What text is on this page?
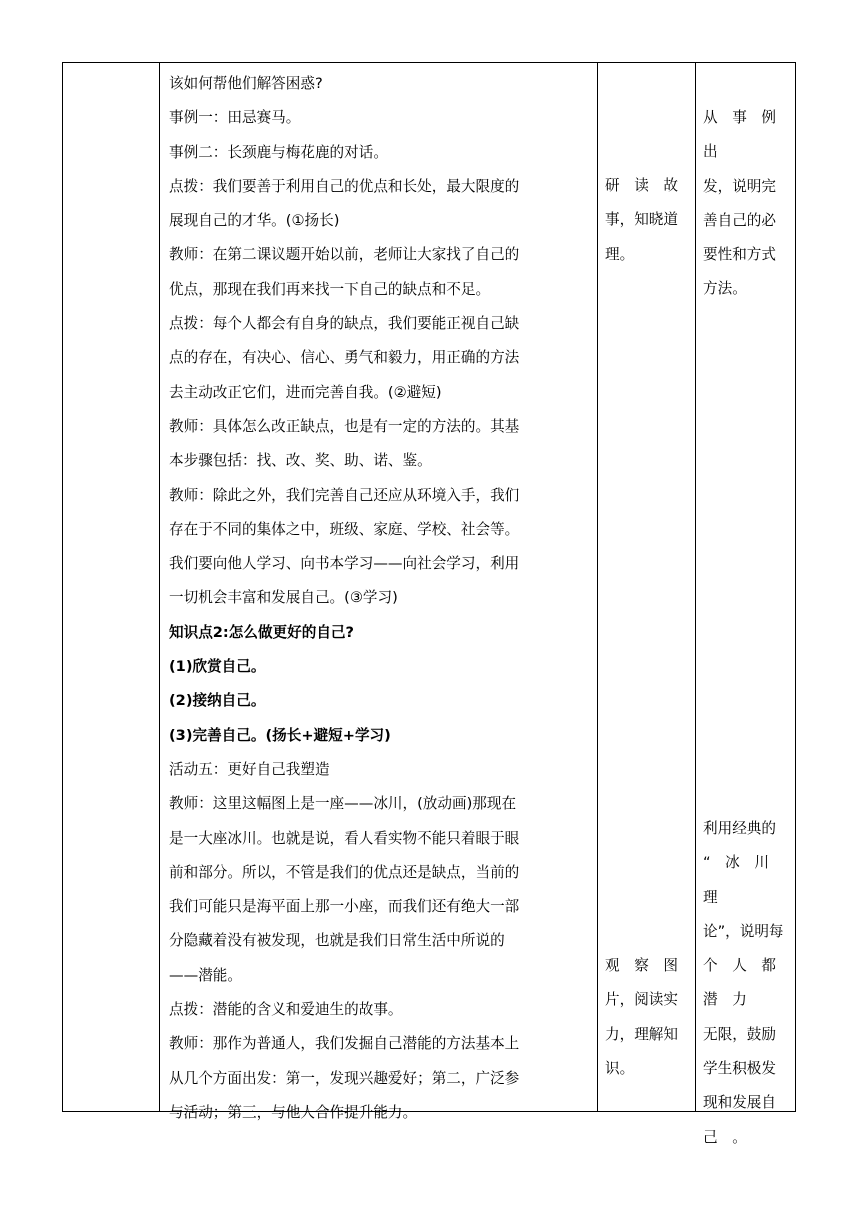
该如何帮他们解答困惑?

事例一：田忌赛马。

事例二：长颈鹿与梅花鹿的对话。

点拨：我们要善于利用自己的优点和长处，最大限度的

展现自己的才华。(①扬长)

教师：在第二课议题开始以前，老师让大家找了自己的

优点，那现在我们再来找一下自己的缺点和不足。

点拨：每个人都会有自身的缺点，我们要能正视自己缺

点的存在，有决心、信心、勇气和毅力，用正确的方法

去主动改正它们，进而完善自我。(②避短)

教师：具体怎么改正缺点，也是有一定的方法的。其基

本步骤包括：找、改、奖、助、诺、鉴。

教师：除此之外，我们完善自己还应从环境入手，我们

存在于不同的集体之中，班级、家庭、学校、社会等。

我们要向他人学习、向书本学习——向社会学习，利用

一切机会丰富和发展自己。(③学习)

知识点2:怎么做更好的自己?

(1)欣赏自己。

(2)接纳自己。

(3)完善自己。(扬长+避短+学习)

活动五：更好自己我塑造

教师：这里这幅图上是一座——冰川，(放动画)那现在

是一大座冰川。也就是说，看人看实物不能只着眼于眼

前和部分。所以，不管是我们的优点还是缺点，当前的

我们可能只是海平面上那一小座，而我们还有绝大一部

分隐藏着没有被发现，也就是我们日常生活中所说的

——潜能。

点拨：潜能的含义和爱迪生的故事。

教师：那作为普通人，我们发掘自己潜能的方法基本上

从几个方面出发：第一，发现兴趣爱好；第二，广泛参

与活动；第三，与他人合作提升能力。

研　读　故

事，知晓道

理。

观　察　图

片，阅读实

力，理解知

识。

从　事　例　出

发，说明完

善自己的必

要性和方式

方法。

利用经典的

“　冰　川　理

论”，说明每

个　人　都　潜　力

无限，鼓励

学生积极发

现和发展自

己　。
